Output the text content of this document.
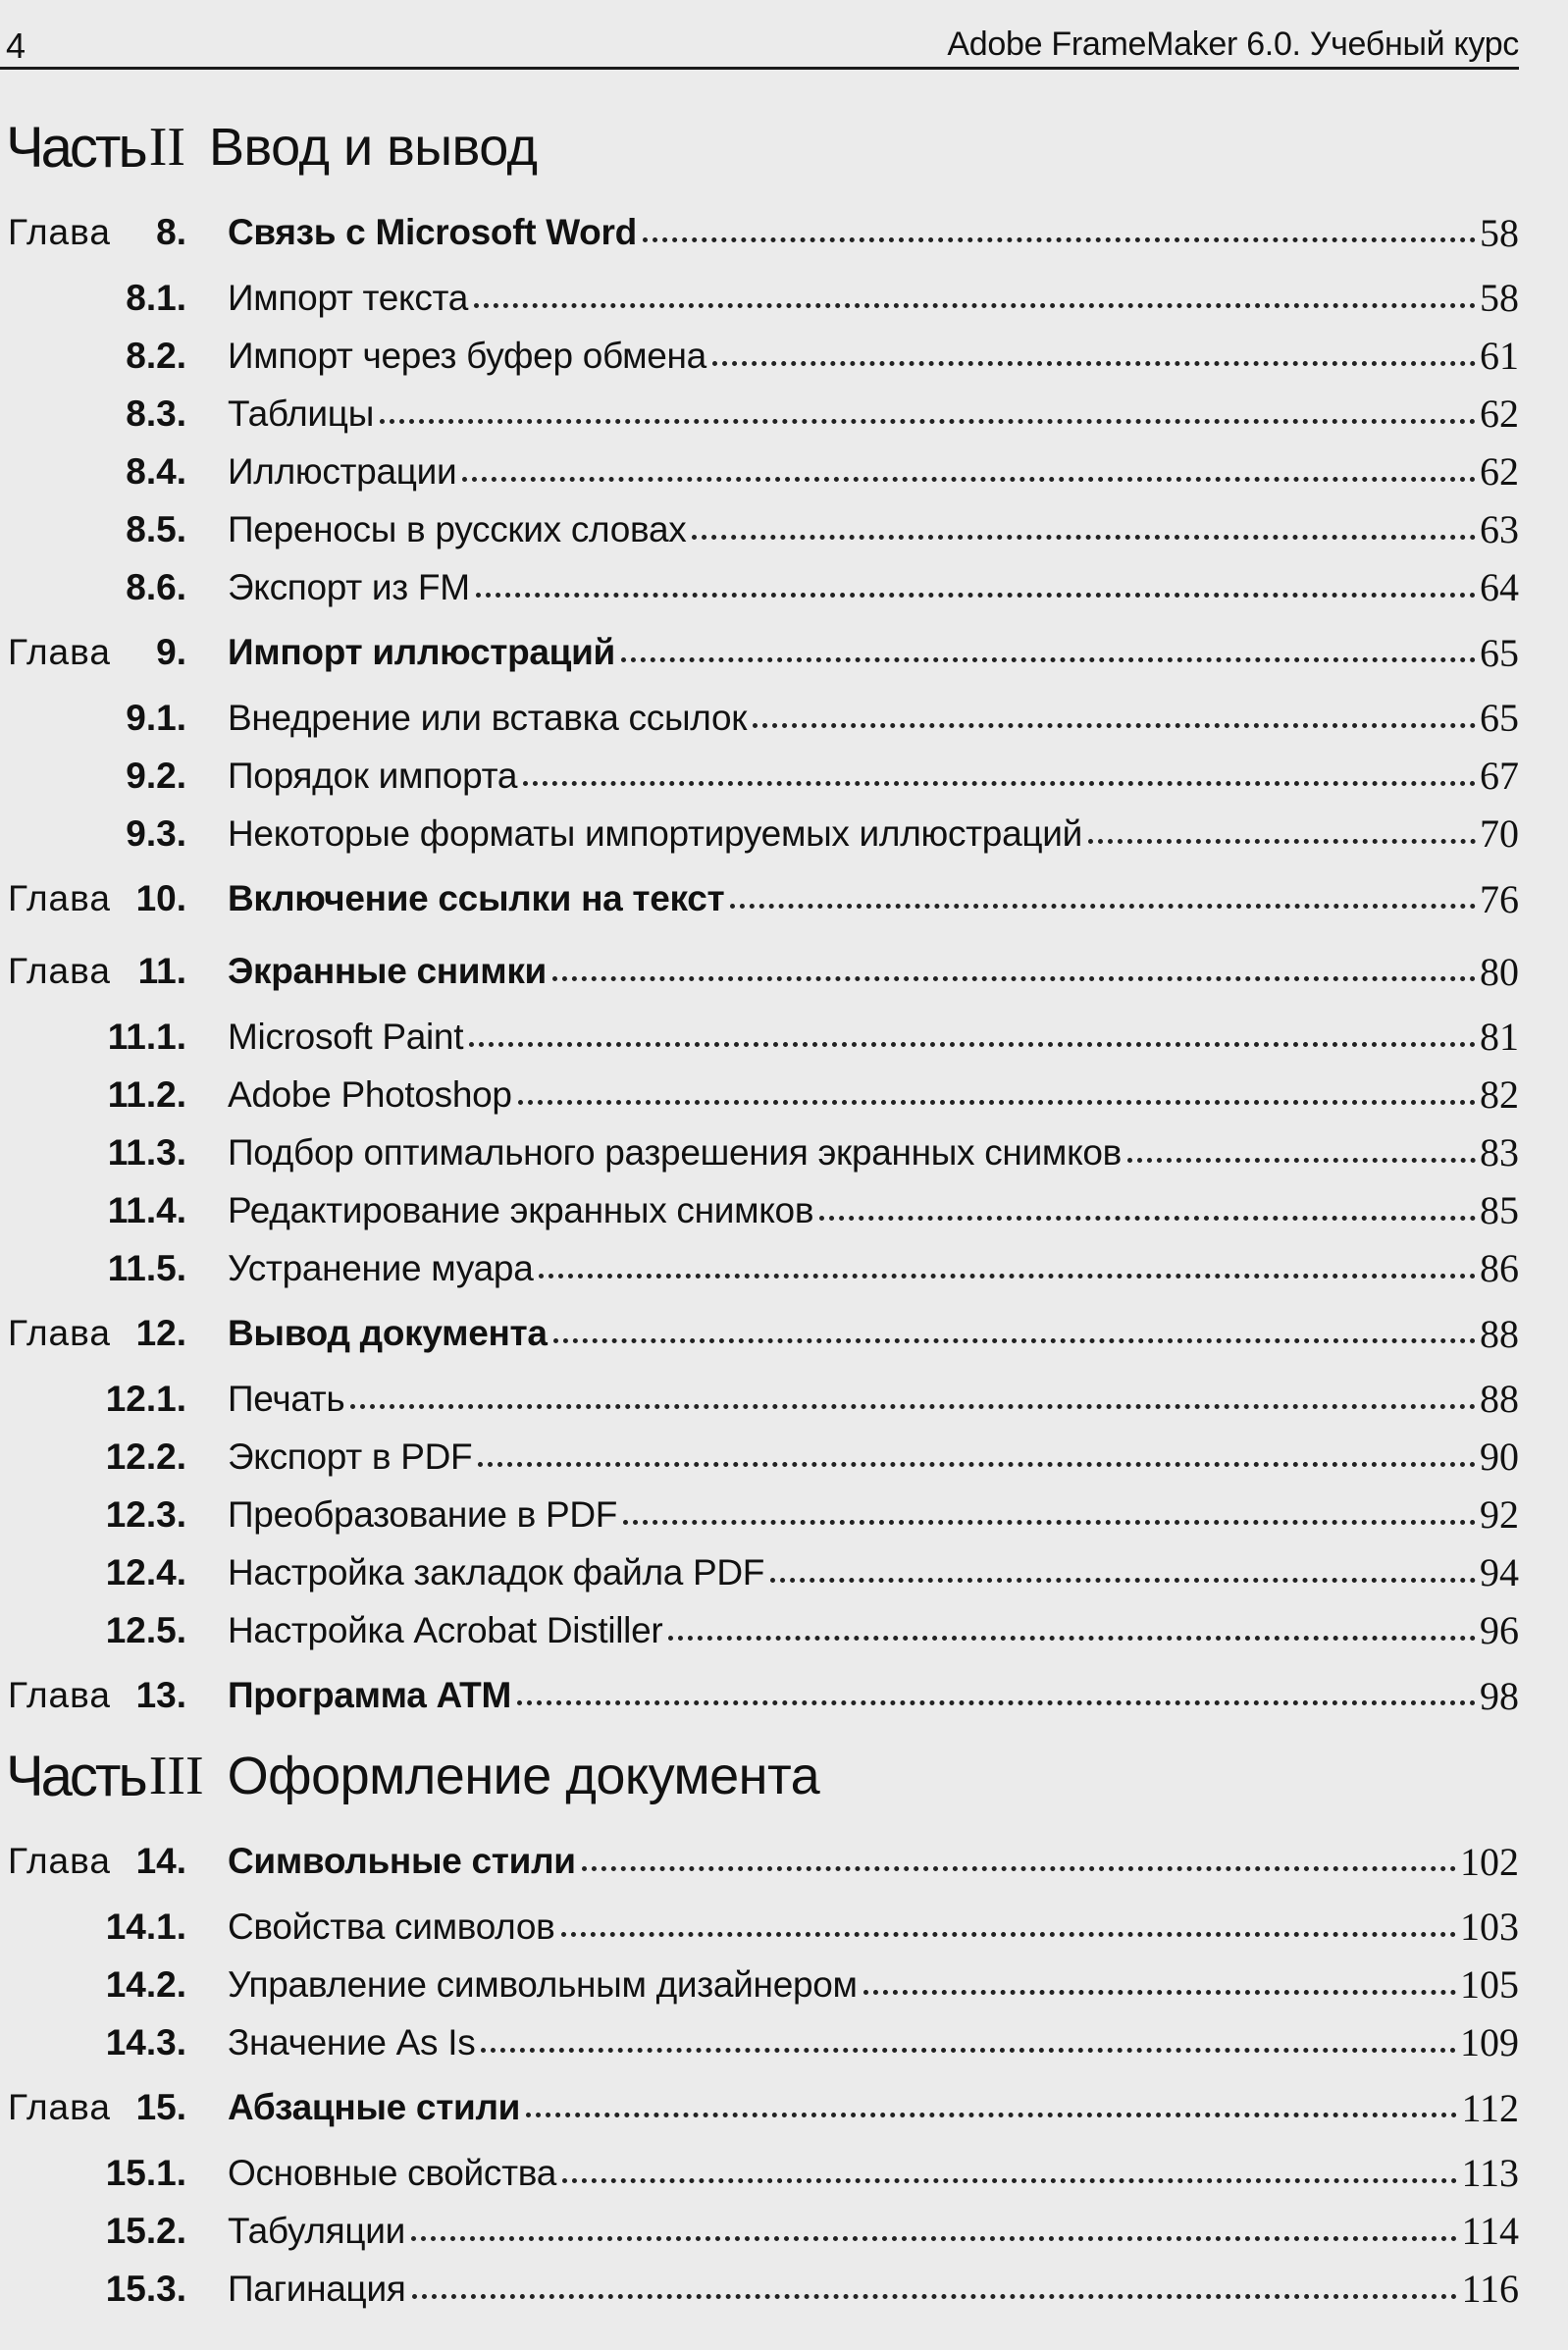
4	Adobe FrameMaker 6.0. Учебный курс
Часть II Ввод и вывод
Глава 8. Связь с Microsoft Word	58
8.1. Импорт текста	58
8.2. Импорт через буфер обмена	61
8.3. Таблицы	62
8.4. Иллюстрации	62
8.5. Переносы в русских словах	63
8.6. Экспорт из FM	64
Глава 9. Импорт иллюстраций	65
9.1. Внедрение или вставка ссылок	65
9.2. Порядок импорта	67
9.3. Некоторые форматы импортируемых иллюстраций	70
Глава 10. Включение ссылки на текст	76
Глава 11. Экранные снимки	80
11.1. Microsoft Paint	81
11.2. Adobe Photoshop	82
11.3. Подбор оптимального разрешения экранных снимков	83
11.4. Редактирование экранных снимков	85
11.5. Устранение муара	86
Глава 12. Вывод документа	88
12.1. Печать	88
12.2. Экспорт в PDF	90
12.3. Преобразование в PDF	92
12.4. Настройка закладок файла PDF	94
12.5. Настройка Acrobat Distiller	96
Глава 13. Программа ATM	98
Часть III Оформление документа
Глава 14. Символьные стили	102
14.1. Свойства символов	103
14.2. Управление символьным дизайнером	105
14.3. Значение As Is	109
Глава 15. Абзацные стили	112
15.1. Основные свойства	113
15.2. Табуляции	114
15.3. Пагинация	116
